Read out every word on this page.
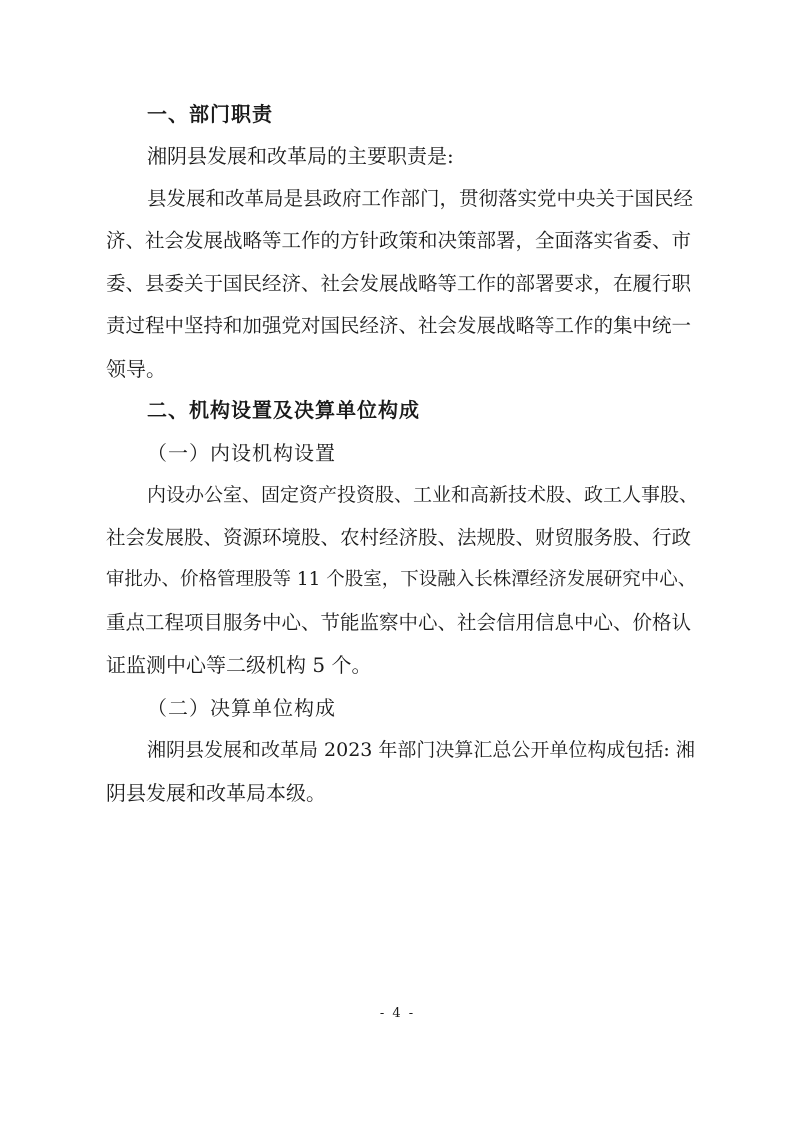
一、部门职责

湘阴县发展和改革局的主要职责是:

县发展和改革局是县政府工作部门，贯彻落实党中央关于国民经

济、社会发展战略等工作的方针政策和决策部署，全面落实省委、市

委、县委关于国民经济、社会发展战略等工作的部署要求，在履行职

责过程中坚持和加强党对国民经济、社会发展战略等工作的集中统一

领导。

二、机构设置及决算单位构成

（一）内设机构设置

内设办公室、固定资产投资股、工业和高新技术股、政工人事股、

社会发展股、资源环境股、农村经济股、法规股、财贸服务股、行政

审批办、价格管理股等 11 个股室，下设融入长株潭经济发展研究中心、

重点工程项目服务中心、节能监察中心、社会信用信息中心、价格认

证监测中心等二级机构 5 个。

（二）决算单位构成

湘阴县发展和改革局 2023 年部门决算汇总公开单位构成包括: 湘

阴县发展和改革局本级。

- 4 -
